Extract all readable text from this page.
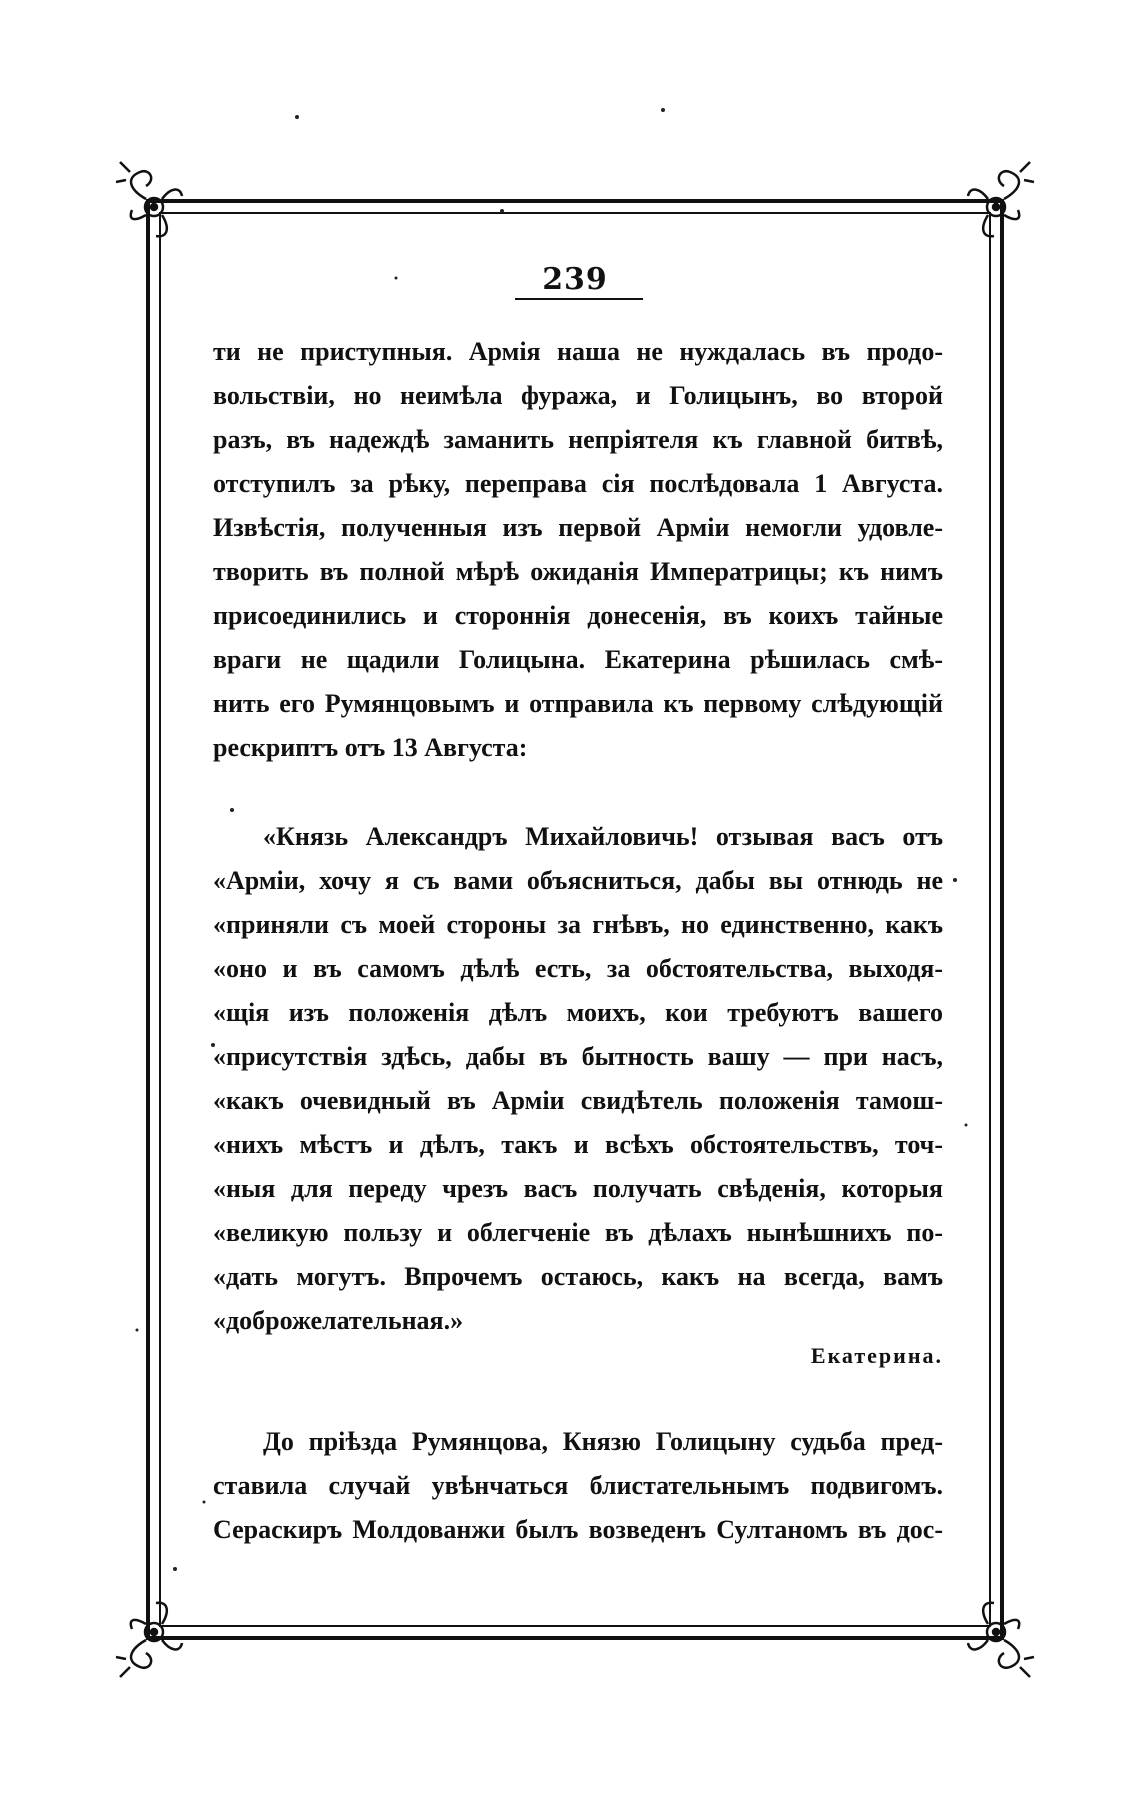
239
ти не приступныя. Армія наша не нуждалась въ продо-
вольствіи, но неимѣла фуража, и Голицынъ, во второй
разъ, въ надеждѣ заманить непріятеля къ главной битвѣ,
отступилъ за рѣку, переправа сія послѣдовала 1 Августа.
Извѣстія, полученныя изъ первой Арміи немогли удовле-
творить въ полной мѣрѣ ожиданія Императрицы; къ нимъ
присоединились и стороннія донесенія, въ коихъ тайные
враги не щадили Голицына. Екатерина рѣшилась смѣ-
нить его Румянцовымъ и отправила къ первому слѣдующій
рескриптъ отъ 13 Августа:
«Князь Александръ Михайловичь! отзывая васъ отъ
«Арміи, хочу я съ вами объясниться, дабы вы отнюдь не
«приняли съ моей стороны за гнѣвъ, но единственно, какъ
«оно и въ самомъ дѣлѣ есть, за обстоятельства, выходя-
«щія изъ положенія дѣлъ моихъ, кои требуютъ вашего
«присутствія здѣсь, дабы въ бытность вашу — при насъ,
«какъ очевидный въ Арміи свидѣтель положенія тамош-
«нихъ мѣстъ и дѣлъ, такъ и всѣхъ обстоятельствъ, точ-
«ныя для переду чрезъ васъ получать свѣденія, которыя
«великую пользу и облегченіе въ дѣлахъ нынѣшнихъ по-
«дать могутъ. Впрочемъ остаюсь, какъ на всегда, вамъ
«доброжелательная.»
Екатерина.
До пріѣзда Румянцова, Князю Голицыну судьба пред-
ставила случай увѣнчаться блистательнымъ подвигомъ.
Сераскиръ Молдованжи былъ возведенъ Султаномъ въ дос-
